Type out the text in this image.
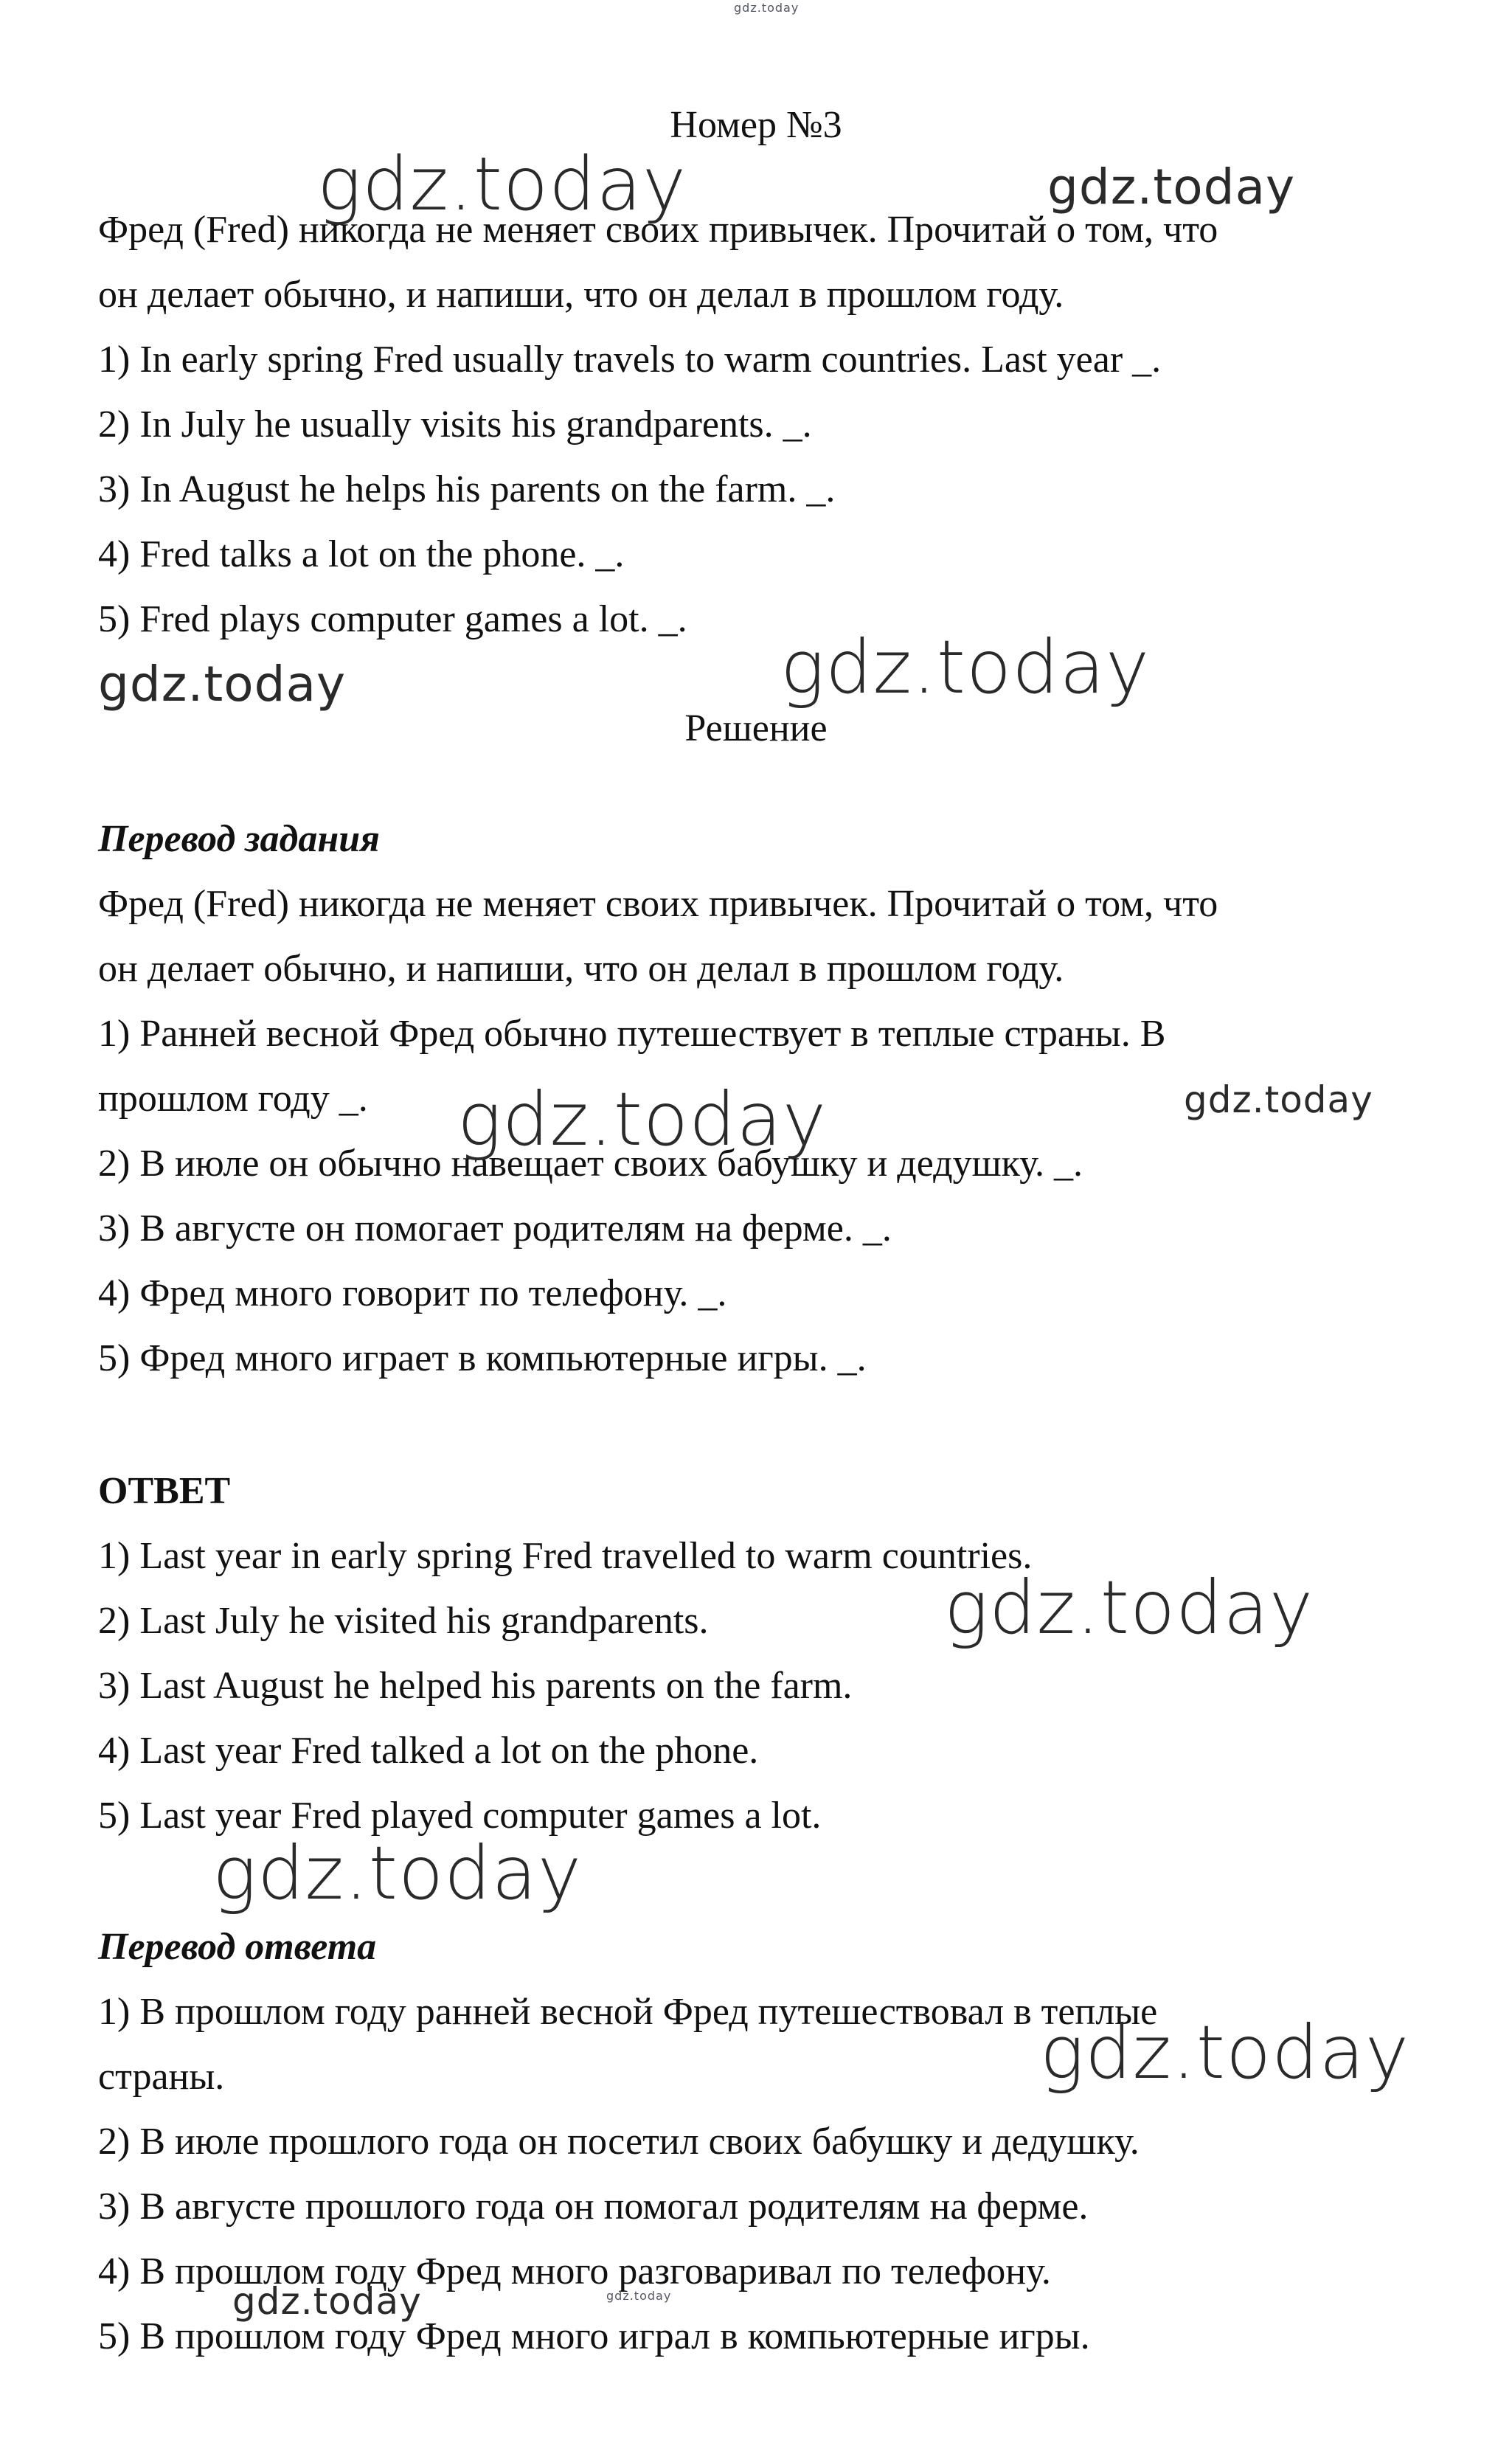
gdz.today
Номер №3
Фред (Fred) никогда не меняет своих привычек. Прочитай о том, что
он делает обычно, и напиши, что он делал в прошлом году.
1) In early spring Fred usually travels to warm countries. Last year _.
2) In July he usually visits his grandparents. _.
3) In August he helps his parents on the farm. _.
4) Fred talks a lot on the phone. _.
5) Fred plays computer games a lot. _.
Решение
Перевод задания
Фред (Fred) никогда не меняет своих привычек. Прочитай о том, что
он делает обычно, и напиши, что он делал в прошлом году.
1) Ранней весной Фред обычно путешествует в теплые страны. В
прошлом году _.
2) В июле он обычно навещает своих бабушку и дедушку. _.
3) В августе он помогает родителям на ферме. _.
4) Фред много говорит по телефону. _.
5) Фред много играет в компьютерные игры. _.
ОТВЕТ
1) Last year in early spring Fred travelled to warm countries.
2) Last July he visited his grandparents.
3) Last August he helped his parents on the farm.
4) Last year Fred talked a lot on the phone.
5) Last year Fred played computer games a lot.
Перевод ответа
1) В прошлом году ранней весной Фред путешествовал в теплые
страны.
2) В июле прошлого года он посетил своих бабушку и дедушку.
3) В августе прошлого года он помогал родителям на ферме.
4) В прошлом году Фред много разговаривал по телефону.
5) В прошлом году Фред много играл в компьютерные игры.
gdz.today	gdz.today
gdz.today	gdz.today
gdz.today	gdz.today
gdz.today
gdz.today
gdz.today
gdz.today	gdz.today
